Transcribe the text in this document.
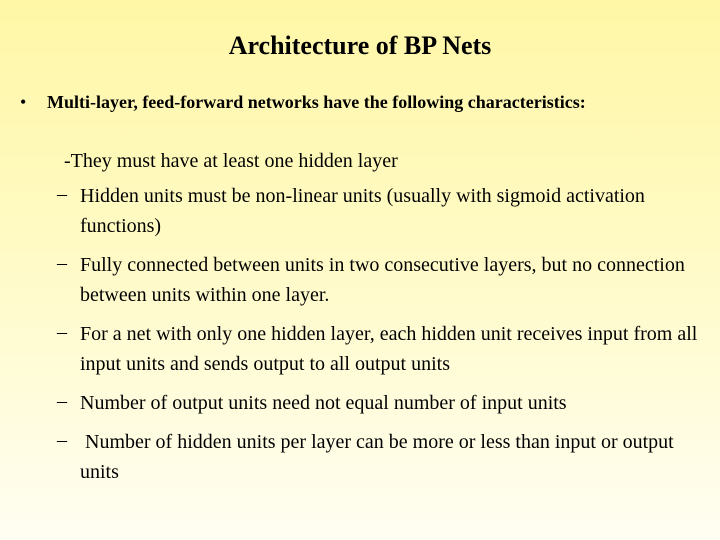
Architecture of BP Nets
• Multi-layer, feed-forward networks have the following characteristics:
-They must have at least one hidden layer
– Hidden units must be non-linear units (usually with sigmoid activation functions)
– Fully connected between units in two consecutive layers, but no connection between units within one layer.
– For a net with only one hidden layer, each hidden unit receives input from all input units and sends output to all output units
– Number of output units need not equal number of input units
– Number of hidden units per layer can be more or less than input or output units
